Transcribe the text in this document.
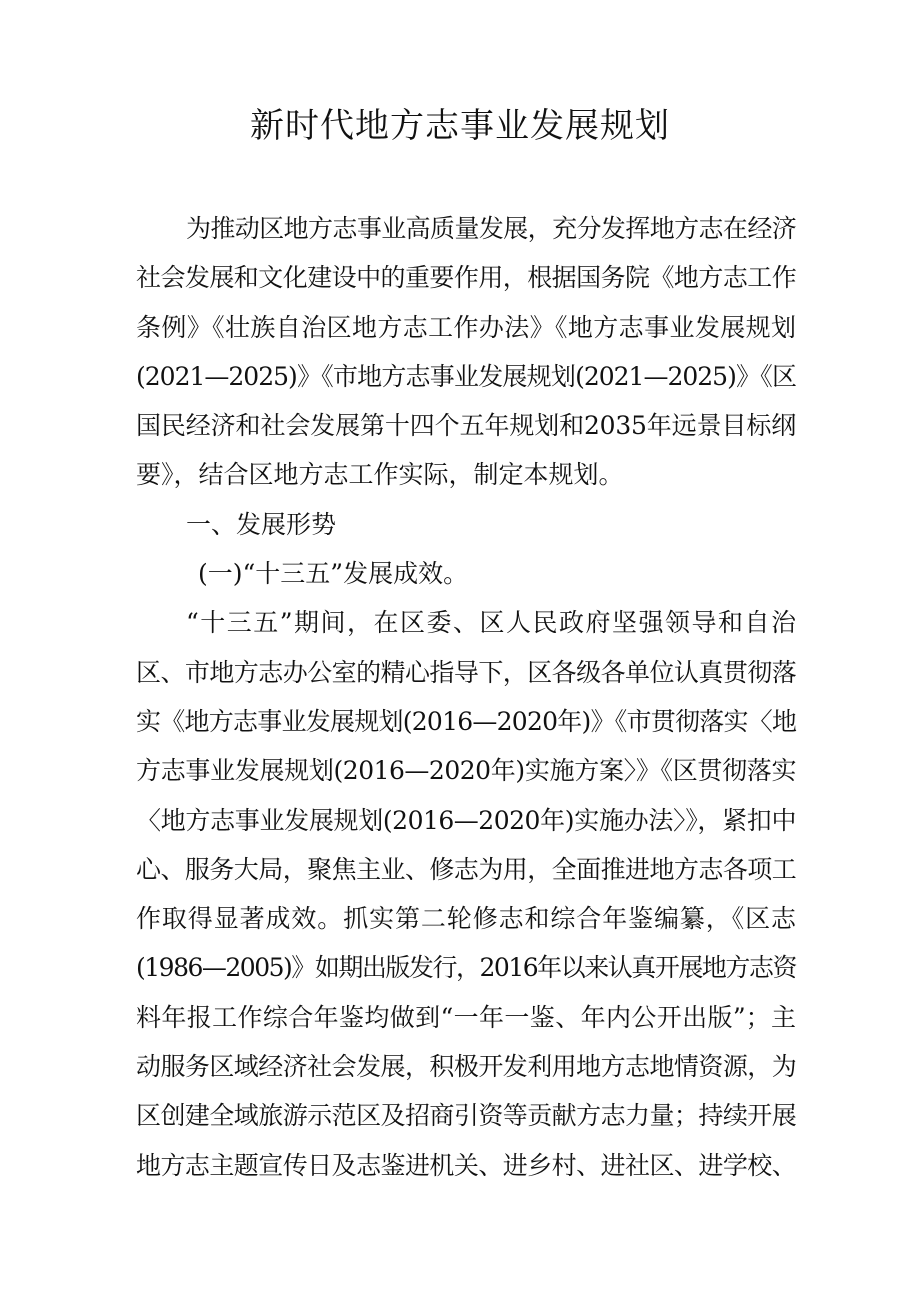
新时代地方志事业发展规划
为推动区地方志事业高质量发展，充分发挥地方志在经济
社会发展和文化建设中的重要作用，根据国务院《地方志工作
条例》《壮族自治区地方志工作办法》《地方志事业发展规划
(2021—2025)》《市地方志事业发展规划(2021—2025)》《区
国民经济和社会发展第十四个五年规划和2035年远景目标纲
要》，结合区地方志工作实际，制定本规划。
一、发展形势
(一)“十三五”发展成效。
“十三五”期间，在区委、区人民政府坚强领导和自治
区、市地方志办公室的精心指导下，区各级各单位认真贯彻落
实《地方志事业发展规划(2016—2020年)》《市贯彻落实〈地
方志事业发展规划(2016—2020年)实施方案〉》《区贯彻落实
〈地方志事业发展规划(2016—2020年)实施办法〉》，紧扣中
心、服务大局，聚焦主业、修志为用，全面推进地方志各项工
作取得显著成效。抓实第二轮修志和综合年鉴编纂，《区志
(1986—2005)》如期出版发行，2016年以来认真开展地方志资
料年报工作综合年鉴均做到“一年一鉴、年内公开出版”；主
动服务区域经济社会发展，积极开发利用地方志地情资源，为
区创建全域旅游示范区及招商引资等贡献方志力量；持续开展
地方志主题宣传日及志鉴进机关、进乡村、进社区、进学校、
